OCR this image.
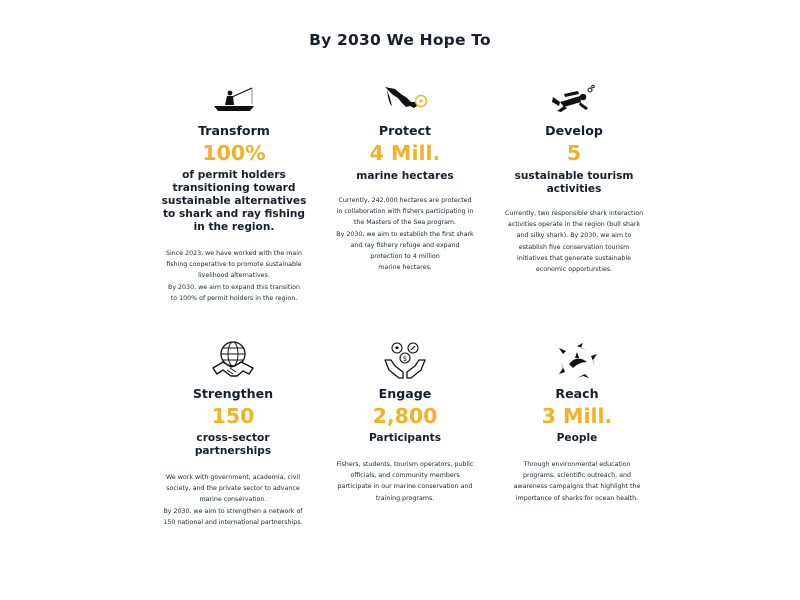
By 2030 We Hope To
Transform
100%
of permit holders
transitioning toward
sustainable alternatives
to shark and ray fishing
in the region.
Since 2023, we have worked with the main
fishing cooperative to promote sustainable
livelihood alternatives.
By 2030, we aim to expand this transition
to 100% of permit holders in the region.
Protect
4 Mill.
marine hectares
Currently, 242,000 hectares are protected
in collaboration with fishers participating in
the Masters of the Sea program.
By 2030, we aim to establish the first shark
and ray fishery refuge and expand
protection to 4 million
marine hectares.
Develop
5
sustainable tourism
activities
Currently, two responsible shark interaction
activities operate in the region (bull shark
and silky shark). By 2030, we aim to
establish five conservation tourism
initiatives that generate sustainable
economic opportunities.
Strengthen
150
cross-sector
partnerships
We work with government, academia, civil
society, and the private sector to advance
marine conservation.
By 2030, we aim to strengthen a network of
150 national and international partnerships.
$
Engage
2,800
Participants
Fishers, students, tourism operators, public
officials, and community members
participate in our marine conservation and
training programs.
Reach
3 Mill.
People
Through environmental education
programs, scientific outreach, and
awareness campaigns that highlight the
importance of sharks for ocean health.
